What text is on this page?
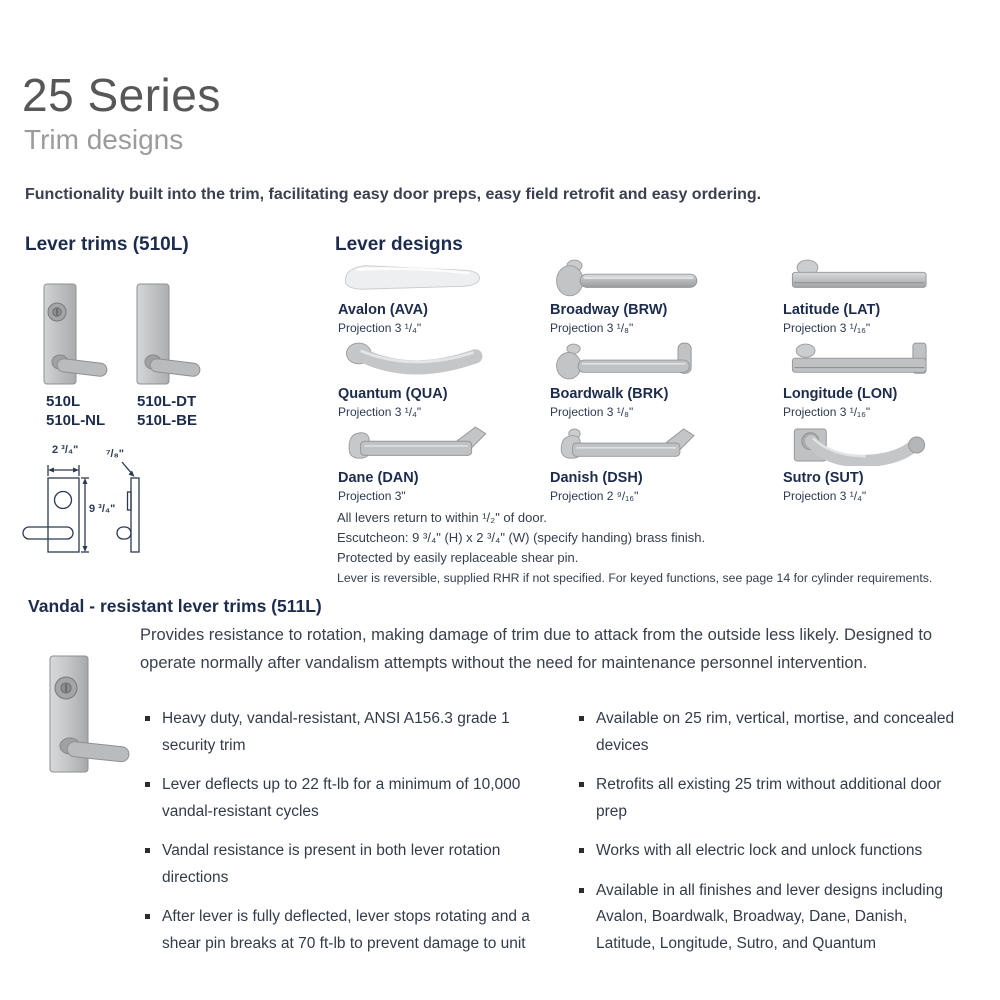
25 Series
Trim designs
Functionality built into the trim, facilitating easy door preps, easy field retrofit and easy ordering.
Lever trims (510L)
510L
510L-NL
510L-DT
510L-BE
2 ³/₄"
9 ³/₄"
⁷/₈"
Lever designs
Avalon (AVA)
Projection 3 ¹/₄"
Broadway (BRW)
Projection 3 ¹/₈"
Latitude (LAT)
Projection 3 ¹/₁₆"
Quantum (QUA)
Projection 3 ¹/₄"
Boardwalk (BRK)
Projection 3 ¹/₈"
Longitude (LON)
Projection 3 ¹/₁₆"
Dane (DAN)
Projection 3"
Danish (DSH)
Projection 2 ⁹/₁₆"
Sutro (SUT)
Projection 3 ¹/₄"
All levers return to within ¹/₂" of door.
Escutcheon: 9 ³/₄" (H) x 2 ³/₄" (W) (specify handing) brass finish.
Protected by easily replaceable shear pin.
Lever is reversible, supplied RHR if not specified. For keyed functions, see page 14 for cylinder requirements.
Vandal - resistant lever trims (511L)
Provides resistance to rotation, making damage of trim due to attack from the outside less likely. Designed to operate normally after vandalism attempts without the need for maintenance personnel intervention.
Heavy duty, vandal-resistant, ANSI A156.3 grade 1 security trim
Lever deflects up to 22 ft-lb for a minimum of 10,000 vandal-resistant cycles
Vandal resistance is present in both lever rotation directions
After lever is fully deflected, lever stops rotating and a shear pin breaks at 70 ft-lb to prevent damage to unit
Available on 25 rim, vertical, mortise, and concealed devices
Retrofits all existing 25 trim without additional door prep
Works with all electric lock and unlock functions
Available in all finishes and lever designs including Avalon, Boardwalk, Broadway, Dane, Danish, Latitude, Longitude, Sutro, and Quantum
